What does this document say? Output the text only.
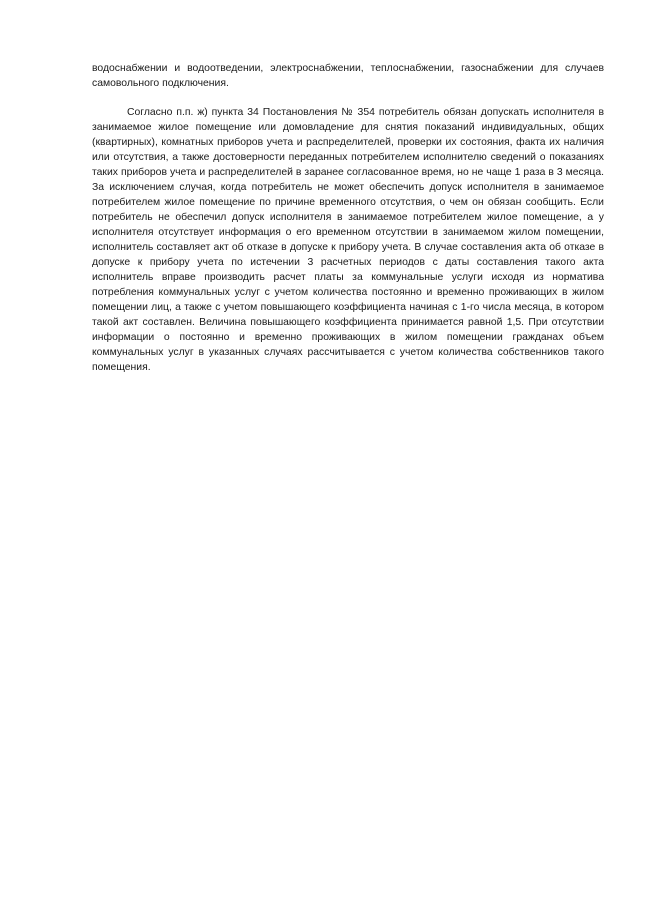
водоснабжении и водоотведении, электроснабжении, теплоснабжении, газоснабжении для случаев самовольного подключения.

Согласно п.п. ж) пункта 34 Постановления № 354 потребитель обязан допускать исполнителя в занимаемое жилое помещение или домовладение для снятия показаний индивидуальных, общих (квартирных), комнатных приборов учета и распределителей, проверки их состояния, факта их наличия или отсутствия, а также достоверности переданных потребителем исполнителю сведений о показаниях таких приборов учета и распределителей в заранее согласованное время, но не чаще 1 раза в 3 месяца. За исключением случая, когда потребитель не может обеспечить допуск исполнителя в занимаемое потребителем жилое помещение по причине временного отсутствия, о чем он обязан сообщить. Если потребитель не обеспечил допуск исполнителя в занимаемое потребителем жилое помещение, а у исполнителя отсутствует информация о его временном отсутствии в занимаемом жилом помещении, исполнитель составляет акт об отказе в допуске к прибору учета. В случае составления акта об отказе в допуске к прибору учета по истечении 3 расчетных периодов с даты составления такого акта исполнитель вправе производить расчет платы за коммунальные услуги исходя из норматива потребления коммунальных услуг с учетом количества постоянно и временно проживающих в жилом помещении лиц, а также с учетом повышающего коэффициента начиная с 1-го числа месяца, в котором такой акт составлен. Величина повышающего коэффициента принимается равной 1,5. При отсутствии информации о постоянно и временно проживающих в жилом помещении гражданах объем коммунальных услуг в указанных случаях рассчитывается с учетом количества собственников такого помещения.
